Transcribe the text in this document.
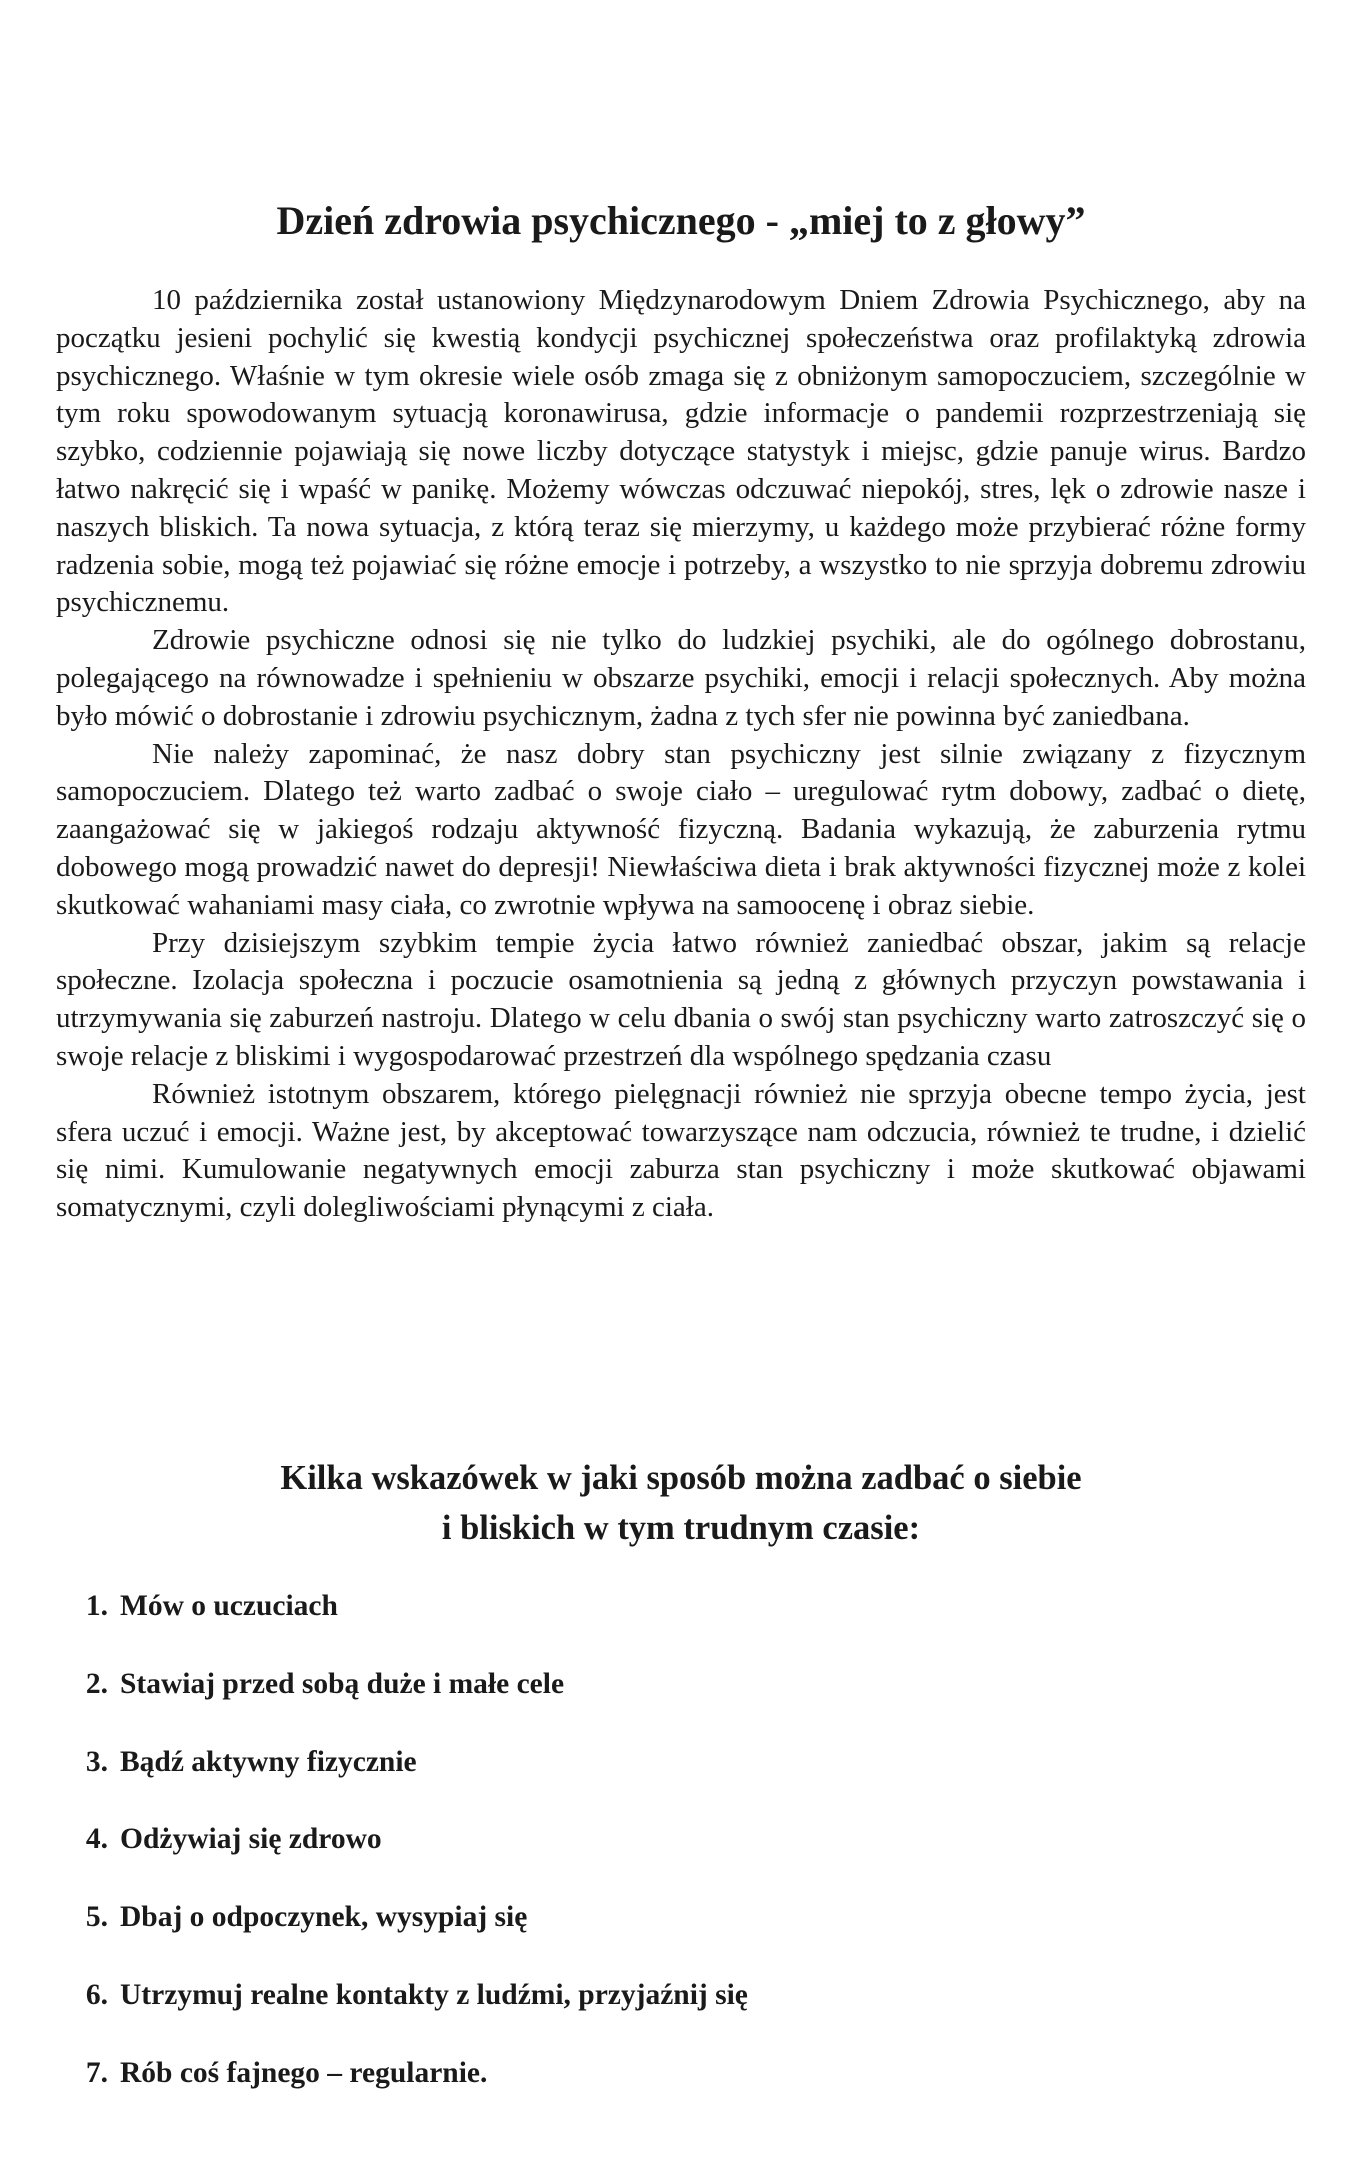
Dzień zdrowia psychicznego - „miej to z głowy”

10 października został ustanowiony Międzynarodowym Dniem Zdrowia Psychicznego, aby na początku jesieni pochylić się kwestią kondycji psychicznej społeczeństwa oraz profilaktyką zdrowia psychicznego. Właśnie w tym okresie wiele osób zmaga się z obniżonym samopoczuciem, szczególnie w tym roku spowodowanym sytuacją koronawirusa, gdzie informacje o pandemii rozprzestrzeniają się szybko, codziennie pojawiają się nowe liczby dotyczące statystyk i miejsc, gdzie panuje wirus. Bardzo łatwo nakręcić się i wpaść w panikę. Możemy wówczas odczuwać niepokój, stres, lęk o zdrowie nasze i naszych bliskich. Ta nowa sytuacja, z którą teraz się mierzymy, u każdego może przybierać różne formy radzenia sobie, mogą też pojawiać się różne emocje i potrzeby, a wszystko to nie sprzyja dobremu zdrowiu psychicznemu.

Zdrowie psychiczne odnosi się nie tylko do ludzkiej psychiki, ale do ogólnego dobrostanu, polegającego na równowadze i spełnieniu w obszarze psychiki, emocji i relacji społecznych. Aby można było mówić o dobrostanie i zdrowiu psychicznym, żadna z tych sfer nie powinna być zaniedbana.

Nie należy zapominać, że nasz dobry stan psychiczny jest silnie związany z fizycznym samopoczuciem. Dlatego też warto zadbać o swoje ciało – uregulować rytm dobowy, zadbać o dietę, zaangażować się w jakiegoś rodzaju aktywność fizyczną. Badania wykazują, że zaburzenia rytmu dobowego mogą prowadzić nawet do depresji! Niewłaściwa dieta i brak aktywności fizycznej może z kolei skutkować wahaniami masy ciała, co zwrotnie wpływa na samoocenę i obraz siebie.

Przy dzisiejszym szybkim tempie życia łatwo również zaniedbać obszar, jakim są relacje społeczne. Izolacja społeczna i poczucie osamotnienia są jedną z głównych przyczyn powstawania i utrzymywania się zaburzeń nastroju. Dlatego w celu dbania o swój stan psychiczny warto zatroszczyć się o swoje relacje z bliskimi i wygospodarować przestrzeń dla wspólnego spędzania czasu

Również istotnym obszarem, którego pielęgnacji również nie sprzyja obecne tempo życia, jest sfera uczuć i emocji. Ważne jest, by akceptować towarzyszące nam odczucia, również te trudne, i dzielić się nimi. Kumulowanie negatywnych emocji zaburza stan psychiczny i może skutkować objawami somatycznymi, czyli dolegliwościami płynącymi z ciała.

Kilka wskazówek w jaki sposób można zadbać o siebie
i bliskich w tym trudnym czasie:
1. Mów o uczuciach
2. Stawiaj przed sobą duże i małe cele
3. Bądź aktywny fizycznie
4. Odżywiaj się zdrowo
5. Dbaj o odpoczynek, wysypiaj się
6. Utrzymuj realne kontakty z ludźmi, przyjaźnij się
7. Rób coś fajnego – regularnie.
